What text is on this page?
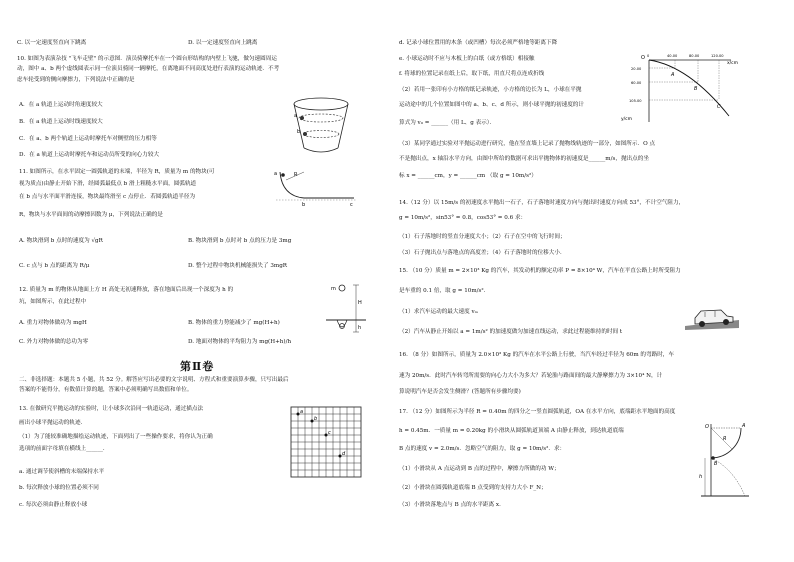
C. 以一定速度竖直向下跳离	D. 以一定速度竖直向上跳离
10. 如图为表演杂技 "飞车走壁" 的示意图．演员骑摩托车在一个圆台形结构的内壁上飞驰，做匀速圆周运
动，图中 a、b 两个虚线圆表示同一位演员骑同一辆摩托，在离地面不同高度处进行表演的运动轨迹．不考
虑车轮受到的侧向摩擦力，下列说法中正确的是
A．在 a 轨道上运动时角速度较大
B．在 a 轨道上运动时线速度较大
C．在 a、b 两个轨道上运动时摩托车对侧壁的压力相等
D．在 a 轨道上运动时摩托车和运动员所受的向心力较大
a
b
11. 如图所示，在水平固定一圆弧轨道的末端，半径为 R，质量为 m 的物块(可
视为质点)由静止开始下滑，经圆弧最低点 b 滑上粗糙水平面，圆弧轨道
在 b 点与水平面平滑连接，物块最终滑至 c 点停止．若圆弧轨道半径为
R，物块与水平面间的动摩擦因数为 μ，下列说法正确的是
a	R
b	c
A. 物块滑到 b 点时的速度为 √gR	B. 物块滑到 b 点时对 b 点的压力是 3mg
C. c 点与 b 点的距离为 R/μ	D. 整个过程中物块机械能损失了 3mgR
12. 质量为 m 的物体从地面上方 H 高处无初速释放，落在地面后出现一个深度为 h 的
坑，如图所示，在此过程中
A. 重力对物体做功为 mgH	B. 物体的重力势能减少了 mg(H+h)
C. 外力对物体做的总功为零	D. 地面对物体的平均阻力为 mg(H+h)/h
m
H
h
第Ⅱ卷
二、非选择题：本题共 5 小题，共 52 分。解答应写出必要的文字说明、方程式和重要演算步骤，只写出最后
答案的不能得分，有数值计算的题，答案中必须明确写出数值和单位。
13. 在做研究平抛运动的实验时，让小球多次沿同一轨道运动，通过描点法
画出小球平抛运动的轨迹．
（1）为了能较准确地描绘运动轨迹，下面列出了一些操作要求，将你认为正确
选项的前面字母填在横线上______．
a. 通过调节使斜槽的末端保持水平
b. 每次释放小球的位置必须不同
c. 每次必须由静止释放小球
a
b
c
d
d. 记录小球位置用的木条（或凹槽）每次必须严格地等距离下降
e. 小球运动时不应与木板上的白纸（或方格纸）相接触
f. 将球的位置记录在纸上后，取下纸，用直尺将点连成折线
（2）若用一张印有小方格的纸记录轨迹，小方格的边长为 L，小球在平抛
运动途中的几个位置如图中的 a、b、c、d 所示，则小球平抛的初速度的计
算式为 v₀ = ______（用 L、g 表示）．
（3）某同学通过实验对平抛运动进行研究，他在竖直墙上记录了抛物线轨迹的一部分，如图所示．O 点
不是抛出点，x 轴沿水平方向，由图中所给的数据可求出平抛物体的初速度是______m/s，抛出点的坐
标 x = ______cm，y = ______cm （取 g = 10m/s²）
O 0	40.00	80.00	120.00
x/cm
20.00
60.00
105.00
y/cm
A
B
C
14.（12 分）以 15m/s 的初速度水平抛出一石子，石子落地时速度方向与抛出时速度方向成 53°，不计空气阻力，
g = 10m/s²，sin53° = 0.8，cos53° = 0.6 求：
（1）石子落地时的竖直分速度大小；（2）石子在空中的飞行时间；
（3）石子抛出点与落地点的高度差；（4）石子落地时的位移大小．
15. （10 分）质量 m = 2×10³ Kg 的汽车，其发动机的额定功率 P = 8×10⁴ W，汽车在平直公路上时所受阻力
是车重的 0.1 倍，取 g = 10m/s²．
（1）求汽车运动的最大速度 vₘ
（2）汽车从静止开始以 a = 1m/s² 的加速度做匀加速直线运动，求此过程能维持的时间 t
16. （8 分）如图所示，质量为 2.0×10³ Kg 的汽车在水平公路上行驶，当汽车经过半径为 60m 的弯路时，车
速为 20m/s．此时汽车转弯所需要的向心力大小为多大？若轮胎与路面间的最大静摩擦力为 3×10⁴ N，计
算说明汽车是否会发生侧滑？(答题所有步骤均要)
17. （12 分）如图所示为半径 R = 0.40m 的四分之一竖直圆弧轨道，OA 在水平方向，底端距水平地面的高度
h = 0.45m．一质量 m = 0.20kg 的小滑块从圆弧轨道顶端 A 由静止释放，到达轨道底端
B 点的速度 v = 2.0m/s．忽略空气的阻力，取 g = 10m/s²．求：
（1）小滑块从 A 点运动到 B 点的过程中，摩擦力所做的功 W；
（2）小滑块在圆弧轨道底端 B 点受到的支持力大小 F_N；
（3）小滑块落地点与 B 点的水平距离 x．
O	A
B
R
h
